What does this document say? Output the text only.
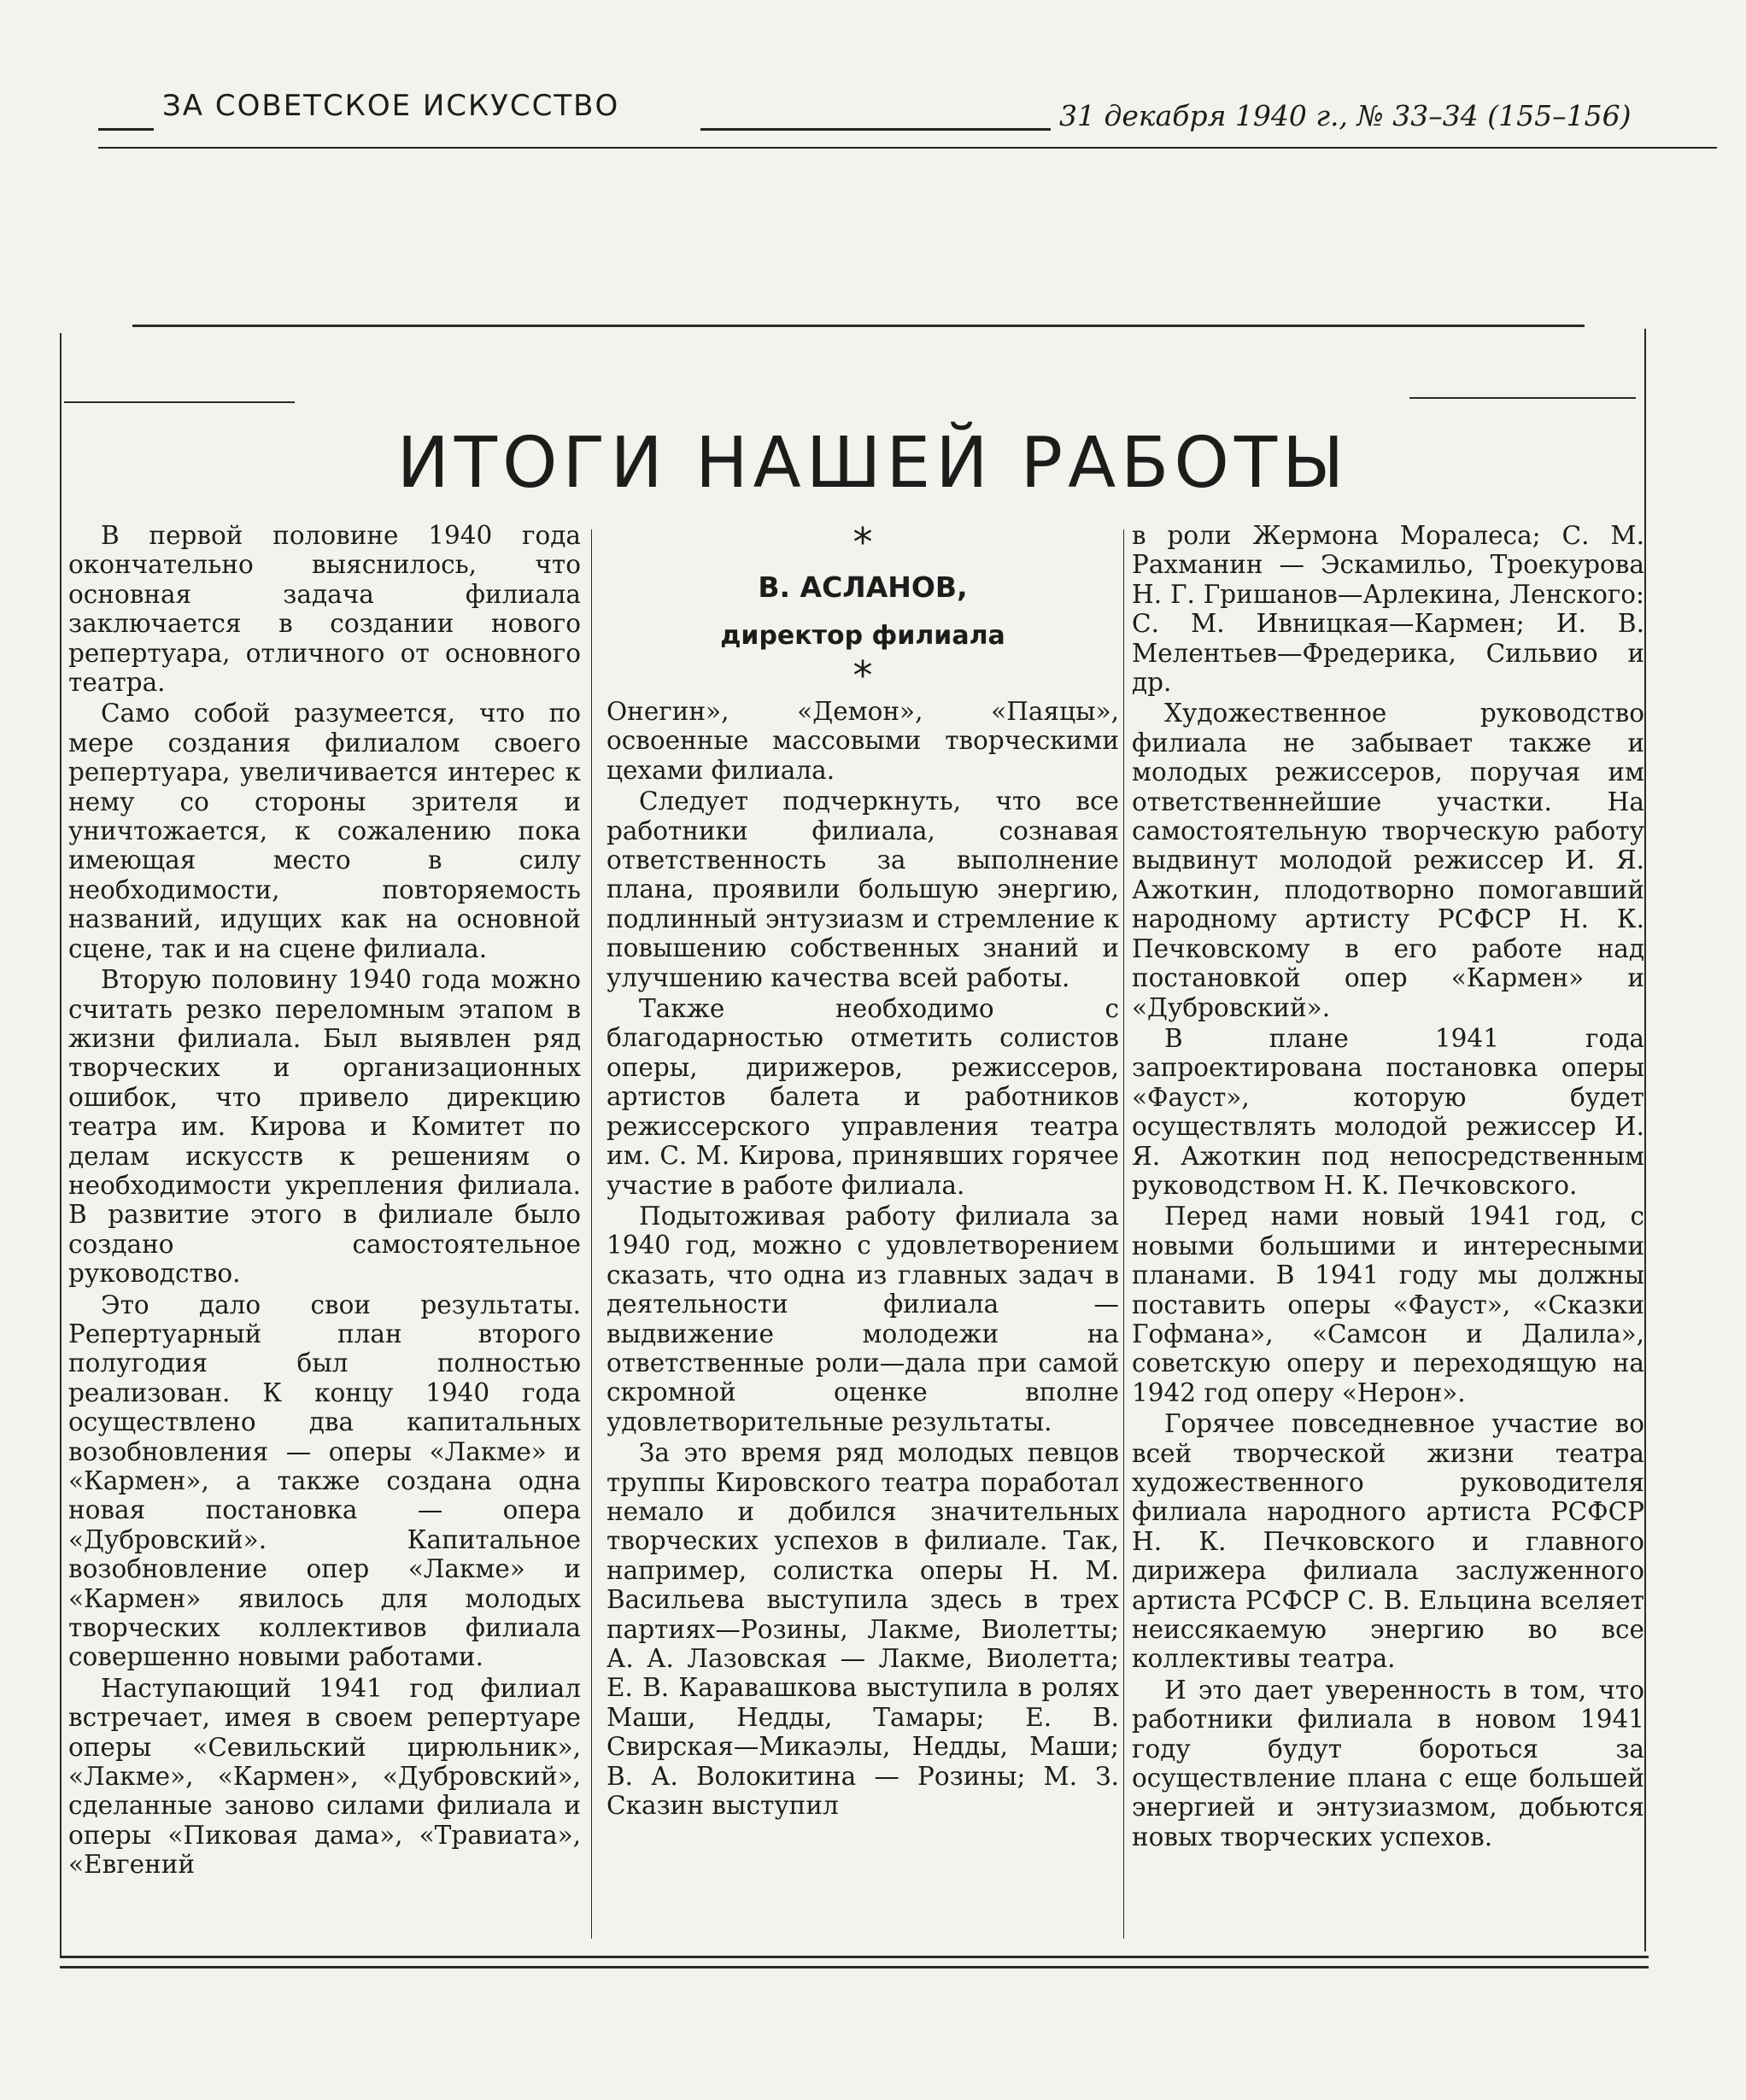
ЗА СОВЕТСКОЕ ИСКУССТВО	31 декабря 1940 г., № 33–34 (155–156)
ИТОГИ НАШЕЙ РАБОТЫ

В первой половине 1940 года окончательно выяснилось, что основная задача филиала заключается в создании нового репертуара, отличного от основного театра.

Само собой разумеется, что по мере создания филиалом своего репертуара, увеличивается интерес к нему со стороны зрителя и уничтожается, к сожалению пока имеющая место в силу необходимости, повторяемость названий, идущих как на основной сцене, так и на сцене филиала.

Вторую половину 1940 года можно считать резко переломным этапом в жизни филиала. Был выявлен ряд творческих и организационных ошибок, что привело дирекцию театра им. Кирова и Комитет по делам искусств к решениям о необходимости укрепления филиала. В развитие этого в филиале было создано самостоятельное руководство.

Это дало свои результаты. Репертуарный план второго полугодия был полностью реализован. К концу 1940 года осуществлено два капитальных возобновления — оперы «Лакме» и «Кармен», а также создана одна новая постановка — опера «Дубровский». Капитальное возобновление опер «Лакме» и «Кармен» явилось для молодых творческих коллективов филиала совершенно новыми работами.

Наступающий 1941 год филиал встречает, имея в своем репертуаре оперы «Севильский цирюльник», «Лакме», «Кармен», «Дубровский», сделанные заново силами филиала и оперы «Пиковая дама», «Травиата», «Евгений

*
В. АСЛАНОВ,
директор филиала
*

Онегин», «Демон», «Паяцы», освоенные массовыми творческими цехами филиала.

Следует подчеркнуть, что все работники филиала, сознавая ответственность за выполнение плана, проявили большую энергию, подлинный энтузиазм и стремление к повышению собственных знаний и улучшению качества всей работы.

Также необходимо с благодарностью отметить солистов оперы, дирижеров, режиссеров, артистов балета и работников режиссерского управления театра им. С. М. Кирова, принявших горячее участие в работе филиала.

Подытоживая работу филиала за 1940 год, можно с удовлетворением сказать, что одна из главных задач в деятельности филиала — выдвижение молодежи на ответственные роли—дала при самой скромной оценке вполне удовлетворительные результаты.

За это время ряд молодых певцов труппы Кировского театра поработал немало и добился значительных творческих успехов в филиале. Так, например, солистка оперы Н. М. Васильева выступила здесь в трех партиях—Розины, Лакме, Виолетты; А. А. Лазовская — Лакме, Виолетта; Е. В. Каравашкова выступила в ролях Маши, Недды, Тамары; Е. В. Свирская—Микаэлы, Недды, Маши; В. А. Волокитина — Розины; М. З. Сказин выступил

в роли Жермона Моралеса; С. М. Рахманин — Эскамильо, Троекурова Н. Г. Гришанов—Арлекина, Ленского: С. М. Ивницкая—Кармен; И. В. Мелентьев—Фредерика, Сильвио и др.

Художественное руководство филиала не забывает также и молодых режиссеров, поручая им ответственнейшие участки. На самостоятельную творческую работу выдвинут молодой режиссер И. Я. Ажоткин, плодотворно помогавший народному артисту РСФСР Н. К. Печковскому в его работе над постановкой опер «Кармен» и «Дубровский».

В плане 1941 года запроектирована постановка оперы «Фауст», которую будет осуществлять молодой режиссер И. Я. Ажоткин под непосредственным руководством Н. К. Печковского.

Перед нами новый 1941 год, с новыми большими и интересными планами. В 1941 году мы должны поставить оперы «Фауст», «Сказки Гофмана», «Самсон и Далила», советскую оперу и переходящую на 1942 год оперу «Нерон».

Горячее повседневное участие во всей творческой жизни театра художественного руководителя филиала народного артиста РСФСР Н. К. Печковского и главного дирижера филиала заслуженного артиста РСФСР С. В. Ельцина вселяет неиссякаемую энергию во все коллективы театра.

И это дает уверенность в том, что работники филиала в новом 1941 году будут бороться за осуществление плана с еще большей энергией и энтузиазмом, добьются новых творческих успехов.
